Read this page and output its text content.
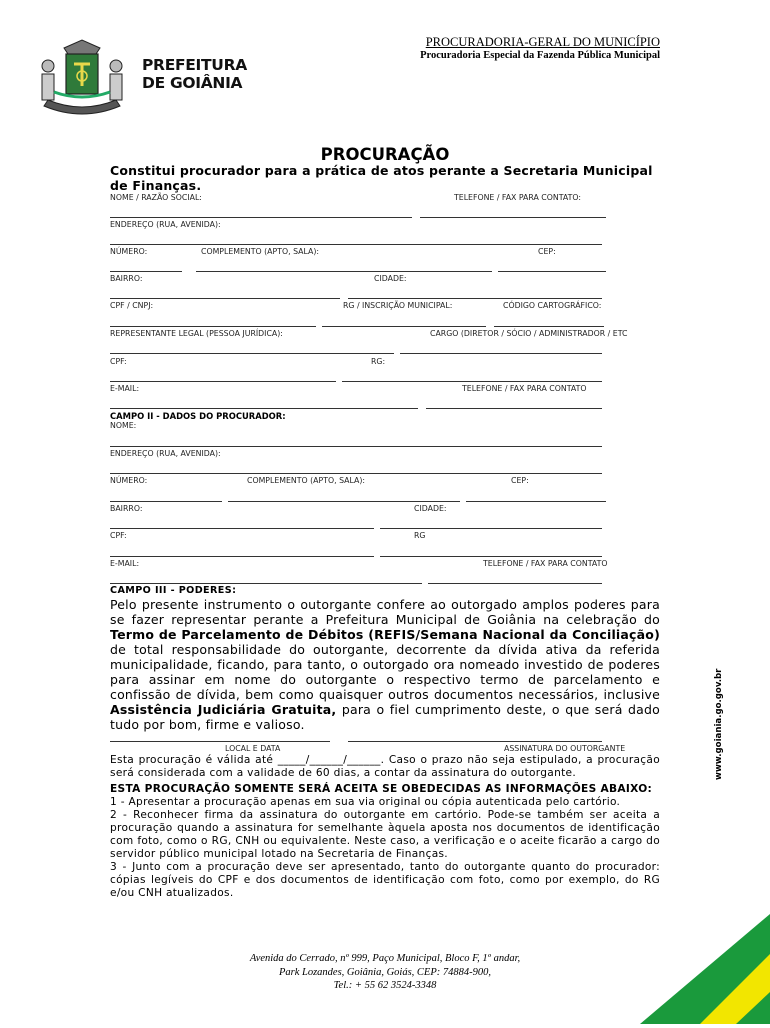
PREFEITURA
DE GOIÂNIA
PROCURADORIA-GERAL DO MUNICÍPIO
Procuradoria Especial da Fazenda Pública Municipal
PROCURAÇÃO
Constitui procurador para a prática de atos perante a Secretaria Municipal de Finanças.
NOME / RAZÃO SOCIAL:	TELEFONE / FAX PARA CONTATO:
ENDEREÇO (RUA, AVENIDA):
NÚMERO:	COMPLEMENTO (APTO, SALA):	CEP:
BAIRRO:	CIDADE:
CPF / CNPJ:	RG / INSCRIÇÃO MUNICIPAL:	CÓDIGO CARTOGRÁFICO:
REPRESENTANTE LEGAL (PESSOA JURÍDICA):	CARGO (DIRETOR / SÓCIO / ADMINISTRADOR / ETC
CPF:	RG:
E-MAIL:	TELEFONE / FAX PARA CONTATO
CAMPO II - DADOS DO PROCURADOR:
NOME:
ENDEREÇO (RUA, AVENIDA):
NÚMERO:	COMPLEMENTO (APTO, SALA):	CEP:
BAIRRO:	CIDADE:
CPF:	RG
E-MAIL:	TELEFONE / FAX PARA CONTATO
CAMPO III - PODERES:

Pelo presente instrumento o outorgante confere ao outorgado amplos poderes para se fazer representar perante a Prefeitura Municipal de Goiânia na celebração do Termo de Parcelamento de Débitos (REFIS/Semana Nacional da Conciliação) de total responsabilidade do outorgante, decorrente da dívida ativa da referida municipalidade, ficando, para tanto, o outorgado ora nomeado investido de poderes para assinar em nome do outorgante o respectivo termo de parcelamento e confissão de dívida, bem como quaisquer outros documentos necessários, inclusive Assistência Judiciária Gratuita, para o fiel cumprimento deste, o que será dado tudo por bom, firme e valioso.

LOCAL E DATA	ASSINATURA DO OUTORGANTE

Esta procuração é válida até _____/______/______. Caso o prazo não seja estipulado, a procuração será considerada com a validade de 60 dias, a contar da assinatura do outorgante.

ESTA PROCURAÇÃO SOMENTE SERÁ ACEITA SE OBEDECIDAS AS INFORMAÇÕES ABAIXO:

1 - Apresentar a procuração apenas em sua via original ou cópia autenticada pelo cartório.

2 - Reconhecer firma da assinatura do outorgante em cartório. Pode-se também ser aceita a procuração quando a assinatura for semelhante àquela aposta nos documentos de identificação com foto, como o RG, CNH ou equivalente. Neste caso, a verificação e o aceite ficarão a cargo do servidor público municipal lotado na Secretaria de Finanças.

3 - Junto com a procuração deve ser apresentado, tanto do outorgante quanto do procurador: cópias legíveis do CPF e dos documentos de identificação com foto, como por exemplo, do RG e/ou CNH atualizados.

Avenida do Cerrado, nº 999, Paço Municipal, Bloco F, 1º andar,
Park Lozandes, Goiânia, Goiás, CEP: 74884-900,
Tel.: + 55 62 3524-3348
www.goiania.go.gov.br
